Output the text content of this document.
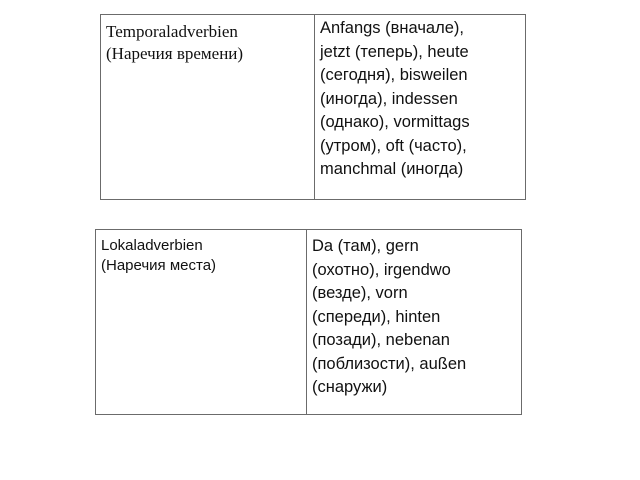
Temporaladverbien
(Наречия времени)

Anfangs (вначале),
jetzt (теперь), heute
(сегодня), bisweilen
(иногда), indessen
(однако), vormittags
(утром), oft (часто),
manchmal (иногда)
Lokaladverbien
(Наречия места)

Da (там), gern
(охотно), irgendwo
(везде), vorn
(спереди), hinten
(позади), nebenan
(поблизости), außen
(снаружи)
